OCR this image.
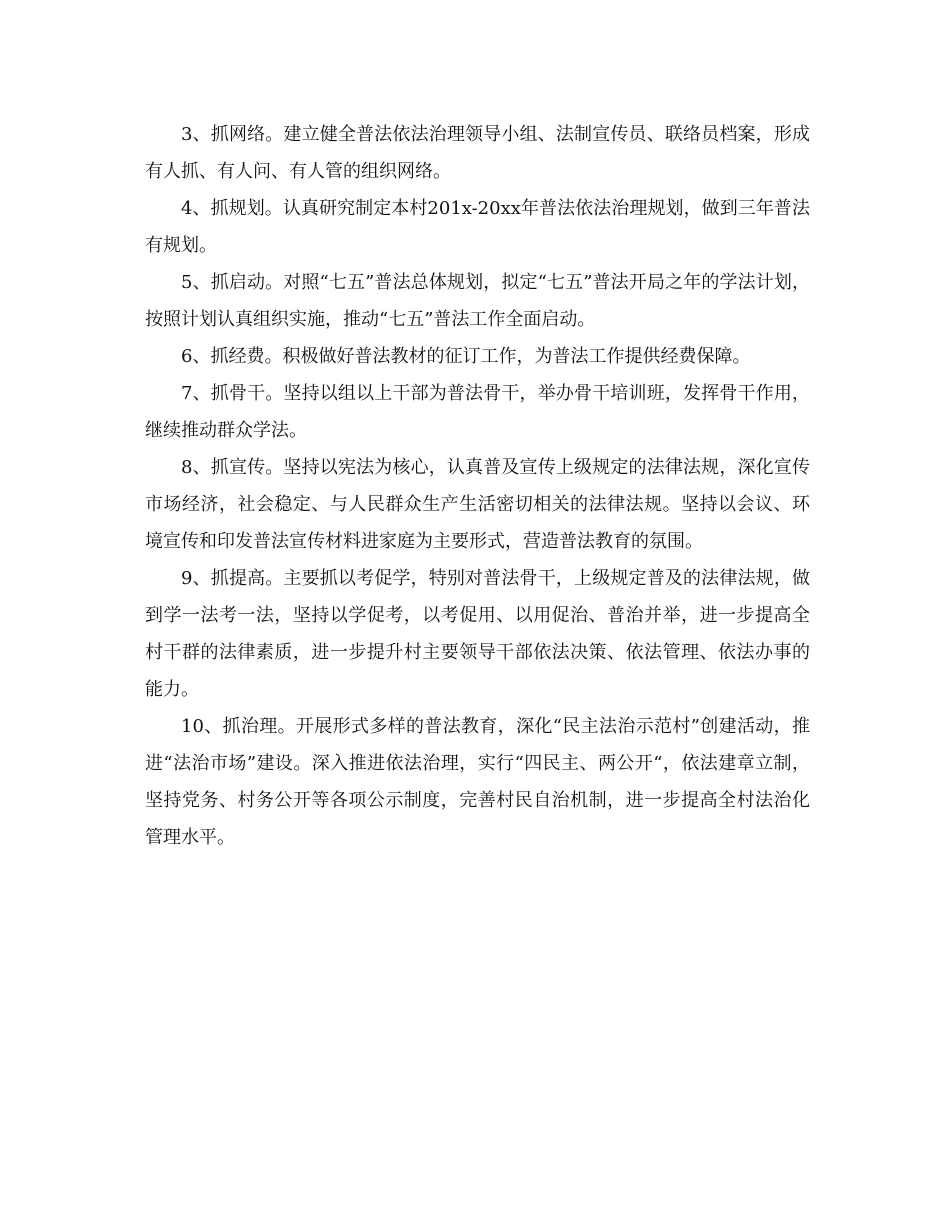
3、抓网络。建立健全普法依法治理领导小组、法制宣传员、联络员档案，形成有人抓、有人问、有人管的组织网络。

4、抓规划。认真研究制定本村201x-20xx年普法依法治理规划，做到三年普法有规划。

5、抓启动。对照“七五”普法总体规划，拟定“七五”普法开局之年的学法计划，按照计划认真组织实施，推动“七五”普法工作全面启动。

6、抓经费。积极做好普法教材的征订工作，为普法工作提供经费保障。

7、抓骨干。坚持以组以上干部为普法骨干，举办骨干培训班，发挥骨干作用，继续推动群众学法。

8、抓宣传。坚持以宪法为核心，认真普及宣传上级规定的法律法规，深化宣传市场经济，社会稳定、与人民群众生产生活密切相关的法律法规。坚持以会议、环境宣传和印发普法宣传材料进家庭为主要形式，营造普法教育的氛围。

9、抓提高。主要抓以考促学，特别对普法骨干，上级规定普及的法律法规，做到学一法考一法，坚持以学促考，以考促用、以用促治、普治并举，进一步提高全村干群的法律素质，进一步提升村主要领导干部依法决策、依法管理、依法办事的能力。

10、抓治理。开展形式多样的普法教育，深化“民主法治示范村”创建活动，推进“法治市场”建设。深入推进依法治理，实行“四民主、两公开“，依法建章立制，坚持党务、村务公开等各项公示制度，完善村民自治机制，进一步提高全村法治化管理水平。
